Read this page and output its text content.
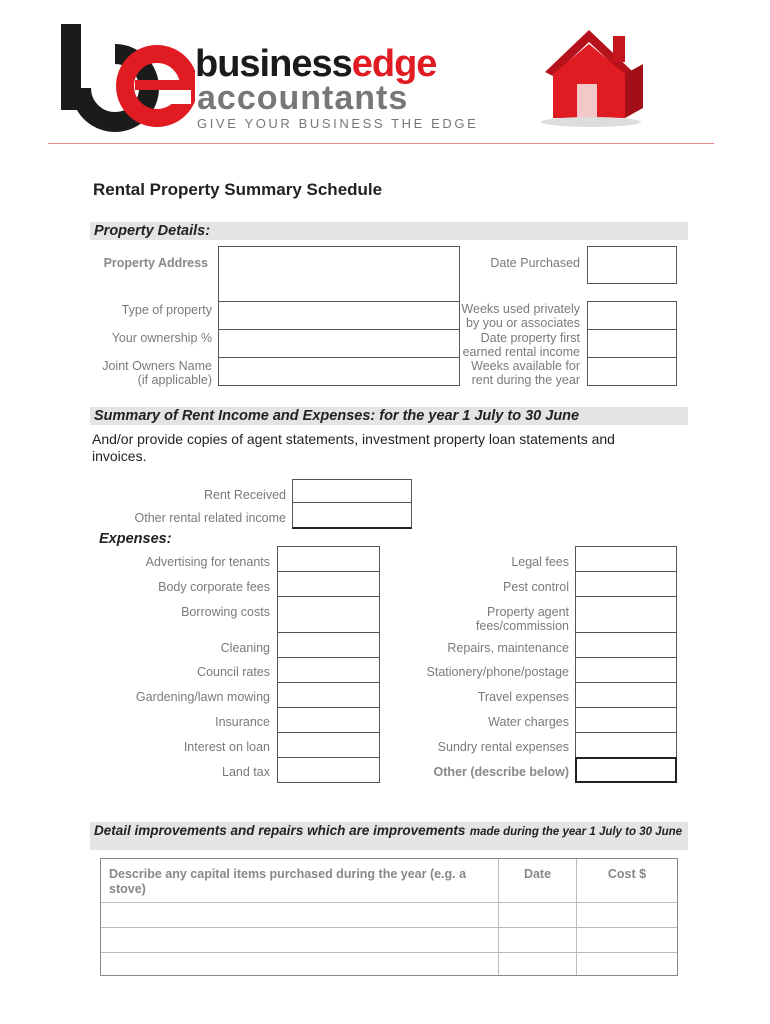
businessedge
accountants
GIVE YOUR BUSINESS THE EDGE
Rental Property Summary Schedule
Property Details:
Property Address
Type of property
Your ownership %
Joint Owners Name
(if applicable)
Date Purchased
Weeks used privately
by you or associates
Date property first
earned rental income
Weeks available for
rent during the year
Summary of Rent Income and Expenses: for the year 1 July to 30 June
And/or provide copies of agent statements, investment property loan statements and invoices.
Rent Received
Other rental related income
Expenses:
Advertising for tenants
Body corporate fees
Borrowing costs
Cleaning
Council rates
Gardening/lawn mowing
Insurance
Interest on loan
Land tax
Legal fees
Pest control
Property agent fees/commission
Repairs, maintenance
Stationery/phone/postage
Travel expenses
Water charges
Sundry rental expenses
Other (describe below)
Detail improvements and repairs which are improvements made during the year 1 July to 30 June
Describe any capital items purchased during the year (e.g. a stove)
Date	Cost $
